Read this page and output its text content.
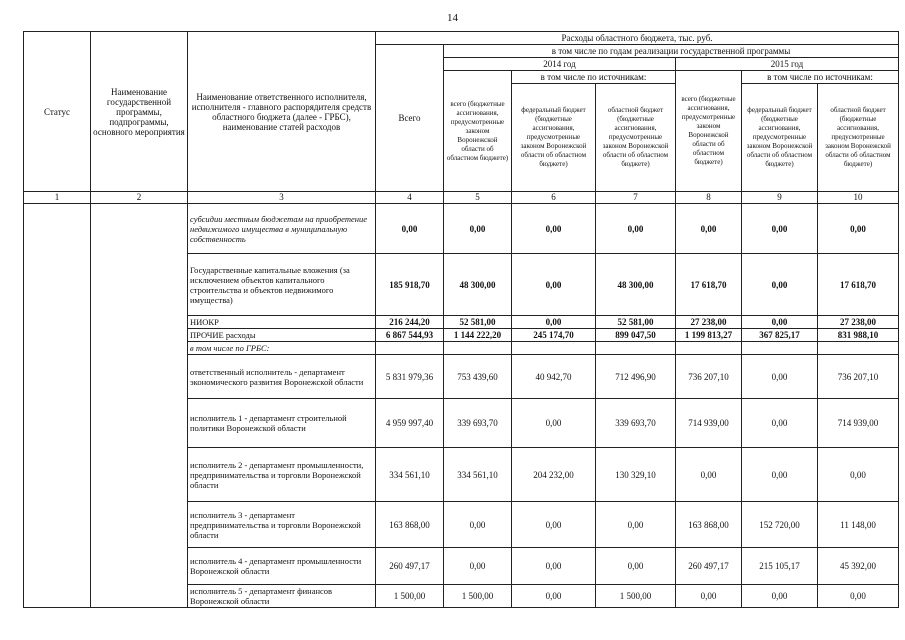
14
Статус	Наименование государственной программы, подпрограммы, основного мероприятия	Наименование ответственного исполнителя, исполнителя - главного распорядителя средств областного бюджета (далее - ГРБС), наименование статей расходов	Расходы областного бюджета, тыс. руб.						
			Всего	в том числе по годам реализации государственной программы					
				2014 год			2015 год		
				всего (бюджетные ассигнования, предусмотренные законом Воронежской области об областном бюджете)	в том числе по источникам:		всего (бюджетные ассигнования, предусмотренные законом Воронежской области об областном бюджете)	в том числе по источникам:	
					федеральный бюджет (бюджетные ассигнования, предусмотренные законом Воронежской области об областном бюджете)	областной бюджет (бюджетные ассигнования, предусмотренные законом Воронежской области об областном бюджете)		федеральный бюджет (бюджетные ассигнования, предусмотренные законом Воронежской области об областном бюджете)	областной бюджет (бюджетные ассигнования, предусмотренные законом Воронежской области об областном бюджете)
1	2	3	4	5	6	7	8	9	10
		субсидии местным бюджетам на приобретение недвижимого имущества в муниципальную собственность	0,00	0,00	0,00	0,00	0,00	0,00	0,00
		Государственные капитальные вложения (за исключением объектов капитального строительства и объектов недвижимого имущества)	185 918,70	48 300,00	0,00	48 300,00	17 618,70	0,00	17 618,70
		НИОКР	216 244,20	52 581,00	0,00	52 581,00	27 238,00	0,00	27 238,00
		ПРОЧИЕ расходы	6 867 544,93	1 144 222,20	245 174,70	899 047,50	1 199 813,27	367 825,17	831 988,10
		в том числе по ГРБС:							
		ответственный исполнитель - департамент экономического развития Воронежской области	5 831 979,36	753 439,60	40 942,70	712 496,90	736 207,10	0,00	736 207,10
		исполнитель 1 - департамент строительной политики Воронежской области	4 959 997,40	339 693,70	0,00	339 693,70	714 939,00	0,00	714 939,00
		исполнитель 2 - департамент промышленности, предпринимательства и торговли Воронежской области	334 561,10	334 561,10	204 232,00	130 329,10	0,00	0,00	0,00
		исполнитель 3 - департамент предпринимательства и торговли Воронежской области	163 868,00	0,00	0,00	0,00	163 868,00	152 720,00	11 148,00
		исполнитель 4 - департамент промышленности Воронежской области	260 497,17	0,00	0,00	0,00	260 497,17	215 105,17	45 392,00
		исполнитель 5 - департамент финансов Воронежской области	1 500,00	1 500,00	0,00	1 500,00	0,00	0,00	0,00
